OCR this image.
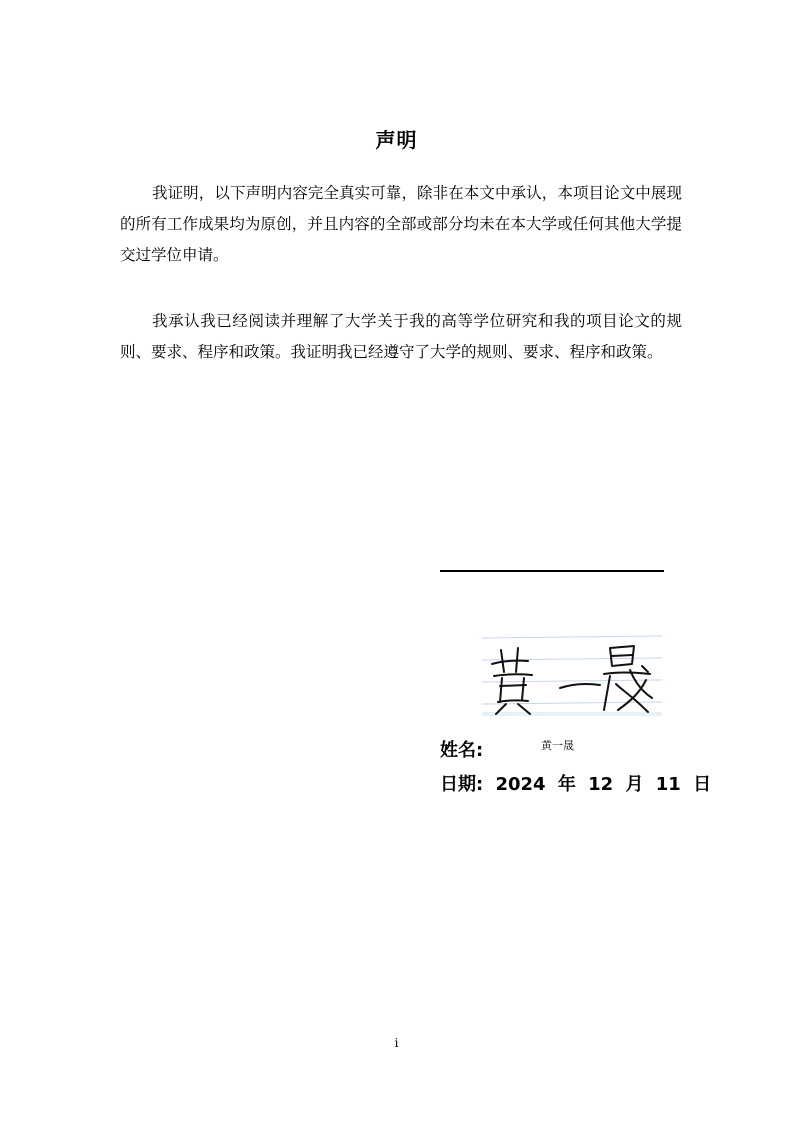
声明

我证明，以下声明内容完全真实可靠，除非在本文中承认，本项目论文中展现的所有工作成果均为原创，并且内容的全部或部分均未在本大学或任何其他大学提交过学位申请。

我承认我已经阅读并理解了大学关于我的高等学位研究和我的项目论文的规则、要求、程序和政策。我证明我已经遵守了大学的规则、要求、程序和政策。

姓名:	黄一晟
日期: 2024 年 12 月 11 日
i
